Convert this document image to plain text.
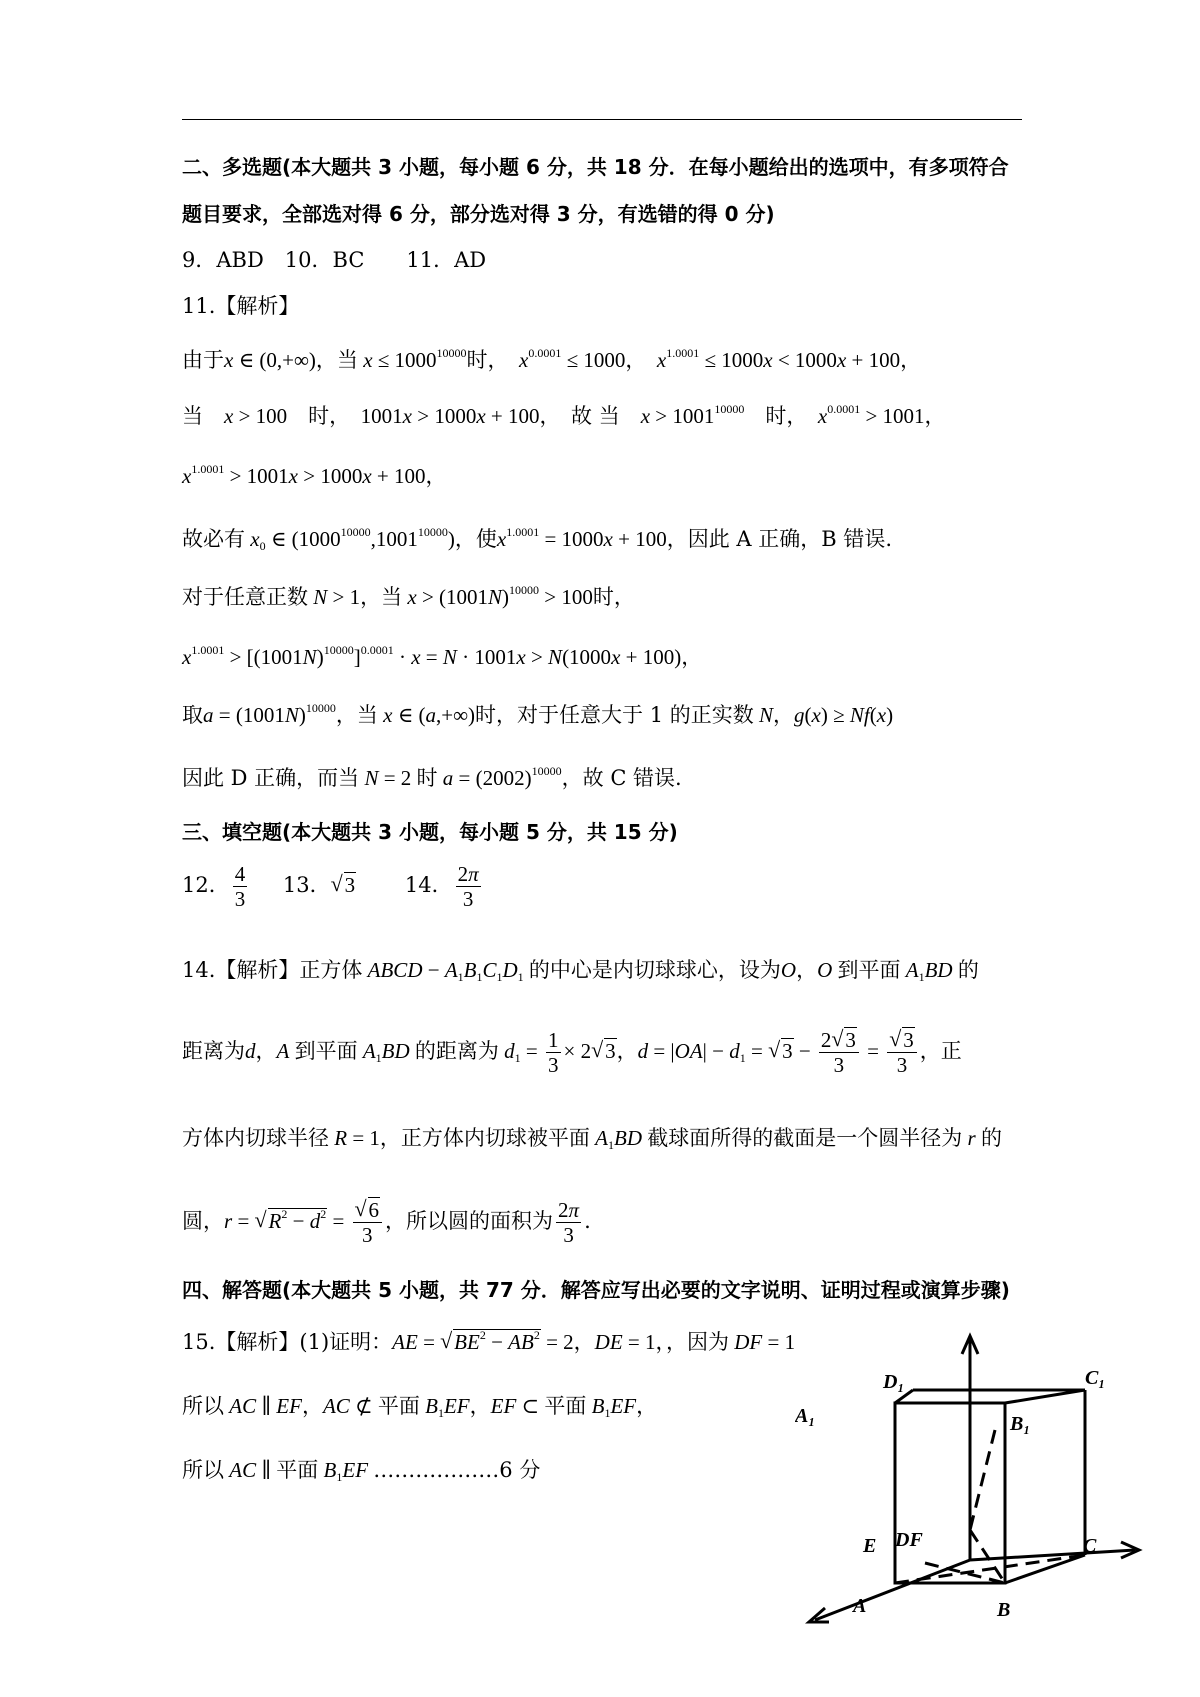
二、多选题(本大题共 3 小题，每小题 6 分，共 18 分．在每小题给出的选项中，有多项符合
题目要求，全部选对得 6 分，部分选对得 3 分，有选错的得 0 分)
9．ABD　10．BC　　11．AD
11.【解析】
由于x ∈ (0,+∞)，当 $x \le 1000^{10000}$时，　 $x^{0.0001} \le 1000$，　$x^{1.0001} \le 1000x < 1000x + 100$，
当　 x > 100　时，　1001x > 1000x + 100，　故 当　 $x > 1001^{10000}$　 时，　 $x^{0.0001} > 1001$，
$x^{1.0001} > 1001x > 1000x + 100$，
故必有 $x_0$ ∈ $(1000^{10000},1001^{10000})$，使$x^{1.0001} = 1000x + 100$，因此 A 正确，B 错误.
对于任意正数 N > 1，当 $x > (1001N)^{10000} > 100$时，
$x^{1.0001} > [(1001N)^{10000}]^{0.0001} \cdot x = N \cdot 1001x > N(1000x + 100)$，
取$a = (1001N)^{10000}$，当 x ∈ (a,+∞)时，对于任意大于 1 的正实数 N，g(x) ≥ Nf(x)
因此 D 正确，而当 N = 2 时 $a = (2002)^{10000}$，故 C 错误.
三、填空题(本大题共 3 小题，每小题 5 分，共 15 分)
12． $\frac{4}{3} 13$．√ 3 14． $\frac{2\pi}{3}$
14.【解析】正方体 ABCD − $A_1B_1C_1D_1$ 的中心是内切球球心，设为O，O 到平面 $A_1BD$ 的
距离为d，A 到平面 $A_1BD$ 的距离为 $d_1 = \frac{1}{3} \times 2√$ 3，$d = |OA| - d_1$ = √ $3 - \frac{2√ 3}{3}$ =
√ $\frac{3}{3}$ ，正
方体内切球半径 R = 1，正方体内切球被平面 $A_1BD$ 截球面所得的截面是一个圆半径为 r 的
圆，r = √ $R^2 - d^2$ =
√ $\frac{6}{3}$ ，所以圆的面积为 $\frac{2\pi}{3}$ .
四、解答题(本大题共 5 小题，共 77 分．解答应写出必要的文字说明、证明过程或演算步骤)
15.【解析】(1)证明：AE = √ $BE^2 - AB^2 = 2$，DE = 1，，因为 DF = 1
所以 AC ∥ EF，AC ⊄ 平面 $B_1EF$，EF ⊂ 平面 $B_1EF$，
所以 AC ∥ 平面 $B_1EF$ ………………6 分
D₁	C₁
A₁	B₁
E DF	C
A	B
